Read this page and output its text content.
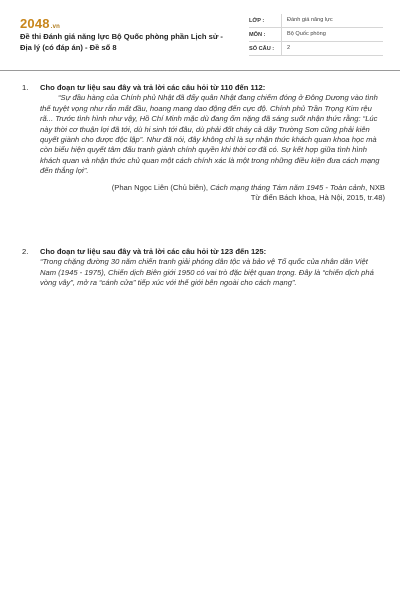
2048.vn
Đề thi Đánh giá năng lực Bộ Quốc phòng phần Lịch sử - Địa lý (có đáp án) - Đề số 8
LỚP :	Đánh giá năng lực
MÔN :	Bộ Quốc phòng
SỐ CÂU :	2
1. Cho đoạn tư liệu sau đây và trả lời các câu hỏi từ 110 đến 112:

“Sự đầu hàng của Chính phủ Nhật đã đẩy quân Nhật đang chiếm đóng ở Đông Dương vào tình thế tuyệt vọng như rắn mất đầu, hoang mang dao động đến cực độ. Chính phủ Trần Trọng Kim rệu rã... Trước tình hình như vậy, Hồ Chí Minh mặc dù đang ốm nặng đã sáng suốt nhận thức rằng: “Lúc này thời cơ thuận lợi đã tới, dù hi sinh tới đâu, dù phải đốt cháy cả dãy Trường Sơn cũng phải kiên quyết giành cho được độc lập”. Như đã nói, đây không chỉ là sự nhận thức khách quan khoa học mà còn biểu hiện quyết tâm đấu tranh giành chính quyền khi thời cơ đã có. Sự kết hợp giữa tình hình khách quan và nhận thức chủ quan một cách chính xác là một trong những điều kiện đưa cách mạng đến thắng lợi”.

(Phan Ngọc Liên (Chủ biên), Cách mạng tháng Tám năm 1945 - Toàn cảnh, NXB
Từ điển Bách khoa, Hà Nội, 2015, tr.48)
2. Cho đoạn tư liệu sau đây và trả lời các câu hỏi từ 123 đến 125:

“Trong chặng đường 30 năm chiến tranh giải phóng dân tộc và bảo vệ Tổ quốc của nhân dân Việt Nam (1945 - 1975), Chiến dịch Biên giới 1950 có vai trò đặc biệt quan trọng. Đây là “chiến dịch phá vòng vây”, mở ra “cánh cửa” tiếp xúc với thế giới bên ngoài cho cách mạng”.
